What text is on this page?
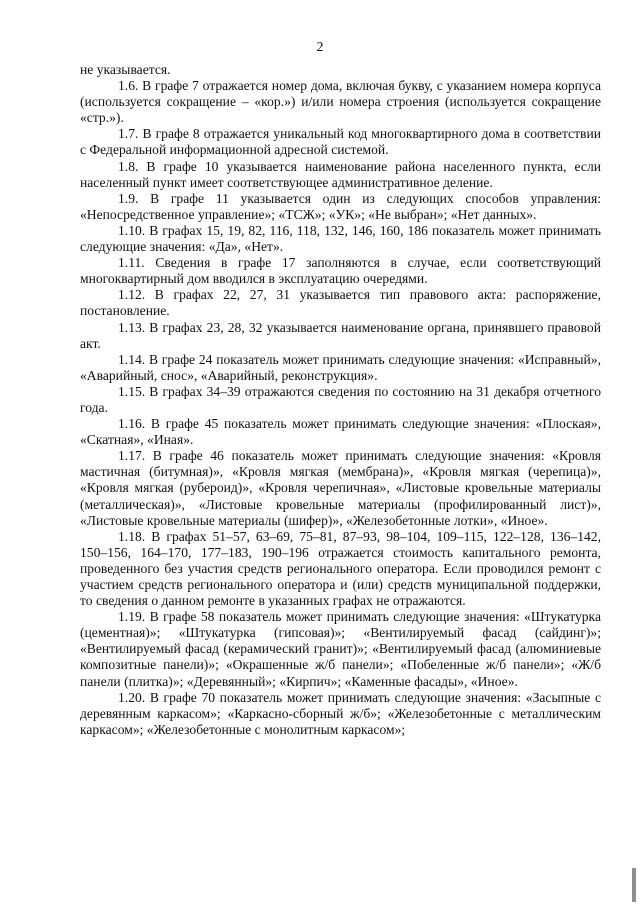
2

не указывается.

1.6. В графе 7 отражается номер дома, включая букву, с указанием номера корпуса (используется сокращение – «кор.») и/или номера строения (используется сокращение «стр.»).

1.7. В графе 8 отражается уникальный код многоквартирного дома в соответствии с Федеральной информационной адресной системой.

1.8. В графе 10 указывается наименование района населенного пункта, если населенный пункт имеет соответствующее административное деление.

1.9. В графе 11 указывается один из следующих способов управления: «Непосредственное управление»; «ТСЖ»; «УК»; «Не выбран»; «Нет данных».

1.10. В графах 15, 19, 82, 116, 118, 132, 146, 160, 186 показатель может принимать следующие значения: «Да», «Нет».

1.11. Сведения в графе 17 заполняются в случае, если соответствующий многоквартирный дом вводился в эксплуатацию очередями.

1.12. В графах 22, 27, 31 указывается тип правового акта: распоряжение, постановление.

1.13. В графах 23, 28, 32 указывается наименование органа, принявшего правовой акт.

1.14. В графе 24 показатель может принимать следующие значения: «Исправный», «Аварийный, снос», «Аварийный, реконструкция».

1.15. В графах 34–39 отражаются сведения по состоянию на 31 декабря отчетного года.

1.16. В графе 45 показатель может принимать следующие значения: «Плоская», «Скатная», «Иная».

1.17. В графе 46 показатель может принимать следующие значения: «Кровля мастичная (битумная)», «Кровля мягкая (мембрана)», «Кровля мягкая (черепица)», «Кровля мягкая (рубероид)», «Кровля черепичная», «Листовые кровельные материалы (металлическая)», «Листовые кровельные материалы (профилированный лист)», «Листовые кровельные материалы (шифер)», «Железобетонные лотки», «Иное».

1.18. В графах 51–57, 63–69, 75–81, 87–93, 98–104, 109–115, 122–128, 136–142, 150–156, 164–170, 177–183, 190–196 отражается стоимость капитального ремонта, проведенного без участия средств регионального оператора. Если проводился ремонт с участием средств регионального оператора и (или) средств муниципальной поддержки, то сведения о данном ремонте в указанных графах не отражаются.

1.19. В графе 58 показатель может принимать следующие значения: «Штукатурка (цементная)»; «Штукатурка (гипсовая)»; «Вентилируемый фасад (сайдинг)»; «Вентилируемый фасад (керамический гранит)»; «Вентилируемый фасад (алюминиевые композитные панели)»; «Окрашенные ж/б панели»; «Побеленные ж/б панели»; «Ж/б панели (плитка)»; «Деревянный»; «Кирпич»; «Каменные фасады», «Иное».

1.20. В графе 70 показатель может принимать следующие значения: «Засыпные с деревянным каркасом»; «Каркасно-сборный ж/б»; «Железобетонные с металлическим каркасом»; «Железобетонные с монолитным каркасом»;
